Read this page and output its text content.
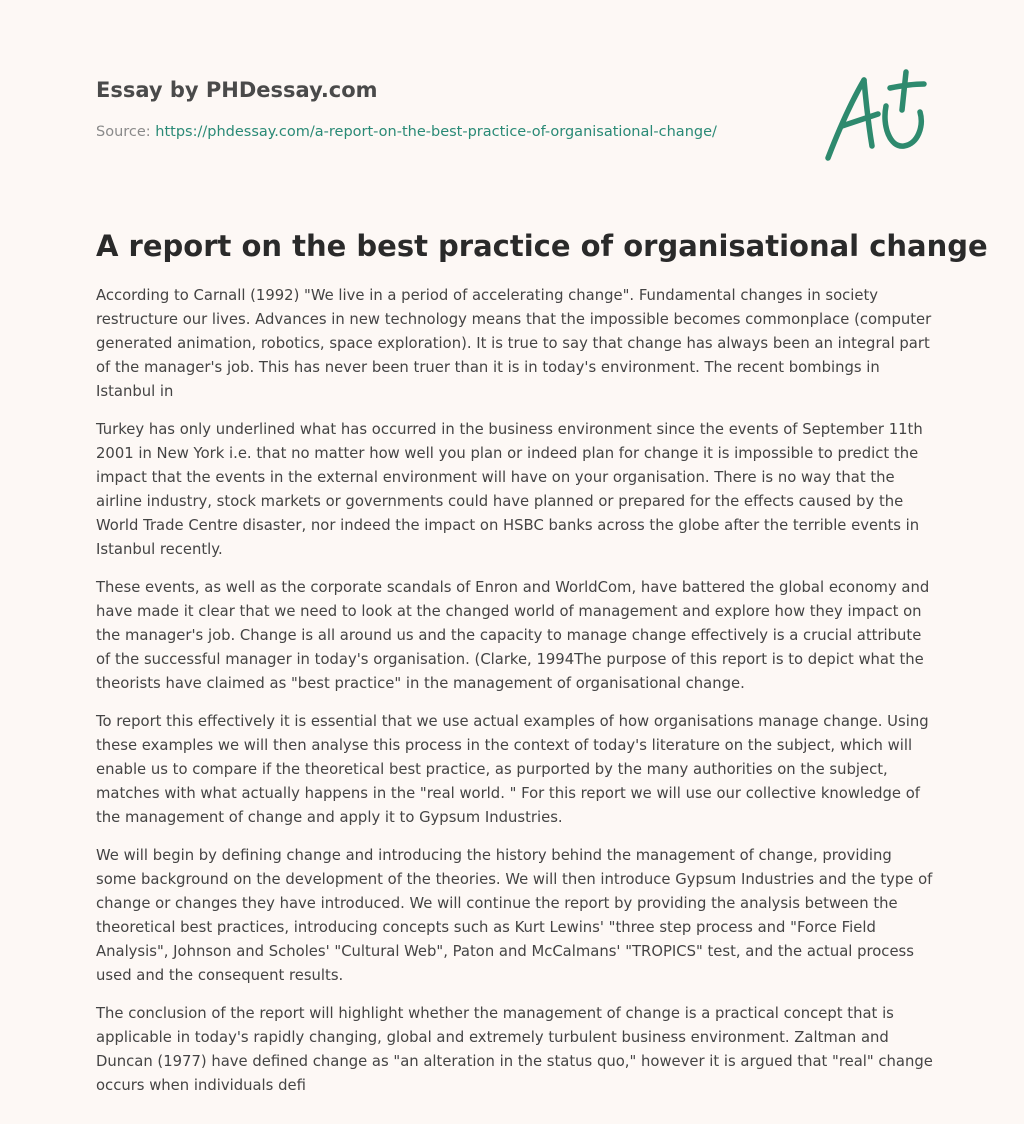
Essay by PHDessay.com
Source: https://phdessay.com/a-report-on-the-best-practice-of-organisational-change/
A report on the best practice of organisational change

According to Carnall (1992) "We live in a period of accelerating change". Fundamental changes in society restructure our lives. Advances in new technology means that the impossible becomes commonplace (computer generated animation, robotics, space exploration). It is true to say that change has always been an integral part of the manager's job. This has never been truer than it is in today's environment. The recent bombings in Istanbul in

Turkey has only underlined what has occurred in the business environment since the events of September 11th 2001 in New York i.e. that no matter how well you plan or indeed plan for change it is impossible to predict the impact that the events in the external environment will have on your organisation. There is no way that the airline industry, stock markets or governments could have planned or prepared for the effects caused by the World Trade Centre disaster, nor indeed the impact on HSBC banks across the globe after the terrible events in Istanbul recently.

These events, as well as the corporate scandals of Enron and WorldCom, have battered the global economy and have made it clear that we need to look at the changed world of management and explore how they impact on the manager's job. Change is all around us and the capacity to manage change effectively is a crucial attribute of the successful manager in today's organisation. (Clarke, 1994The purpose of this report is to depict what the theorists have claimed as "best practice" in the management of organisational change.

To report this effectively it is essential that we use actual examples of how organisations manage change. Using these examples we will then analyse this process in the context of today's literature on the subject, which will enable us to compare if the theoretical best practice, as purported by the many authorities on the subject, matches with what actually happens in the "real world. " For this report we will use our collective knowledge of the management of change and apply it to Gypsum Industries.

We will begin by defining change and introducing the history behind the management of change, providing some background on the development of the theories. We will then introduce Gypsum Industries and the type of change or changes they have introduced. We will continue the report by providing the analysis between the theoretical best practices, introducing concepts such as Kurt Lewins' "three step process and "Force Field Analysis", Johnson and Scholes' "Cultural Web", Paton and McCalmans' "TROPICS" test, and the actual process used and the consequent results.

The conclusion of the report will highlight whether the management of change is a practical concept that is applicable in today's rapidly changing, global and extremely turbulent business environment. Zaltman and Duncan (1977) have defined change as "an alteration in the status quo," however it is argued that "real" change occurs when individuals defi
